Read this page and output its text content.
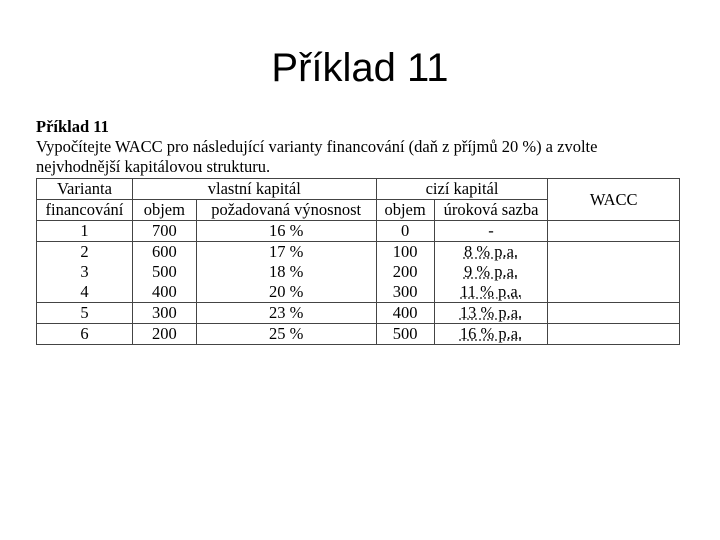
Příklad 11
Příklad 11
Vypočítejte WACC pro následující varianty financování (daň z příjmů 20 %) a zvolte
nejvhodnější kapitálovou strukturu.
Varianta	vlastní kapitál		cizí kapitál		WACC
financování	objem	požadovaná výnosnost	objem	úroková sazba	
1	700	16 %	0	-	
2	600	17 %	100	8 % p.a.	
3	500	18 %	200	9 % p.a.	
4	400	20 %	300	11 % p.a.	
5	300	23 %	400	13 % p.a.	
6	200	25 %	500	16 % p.a.	
